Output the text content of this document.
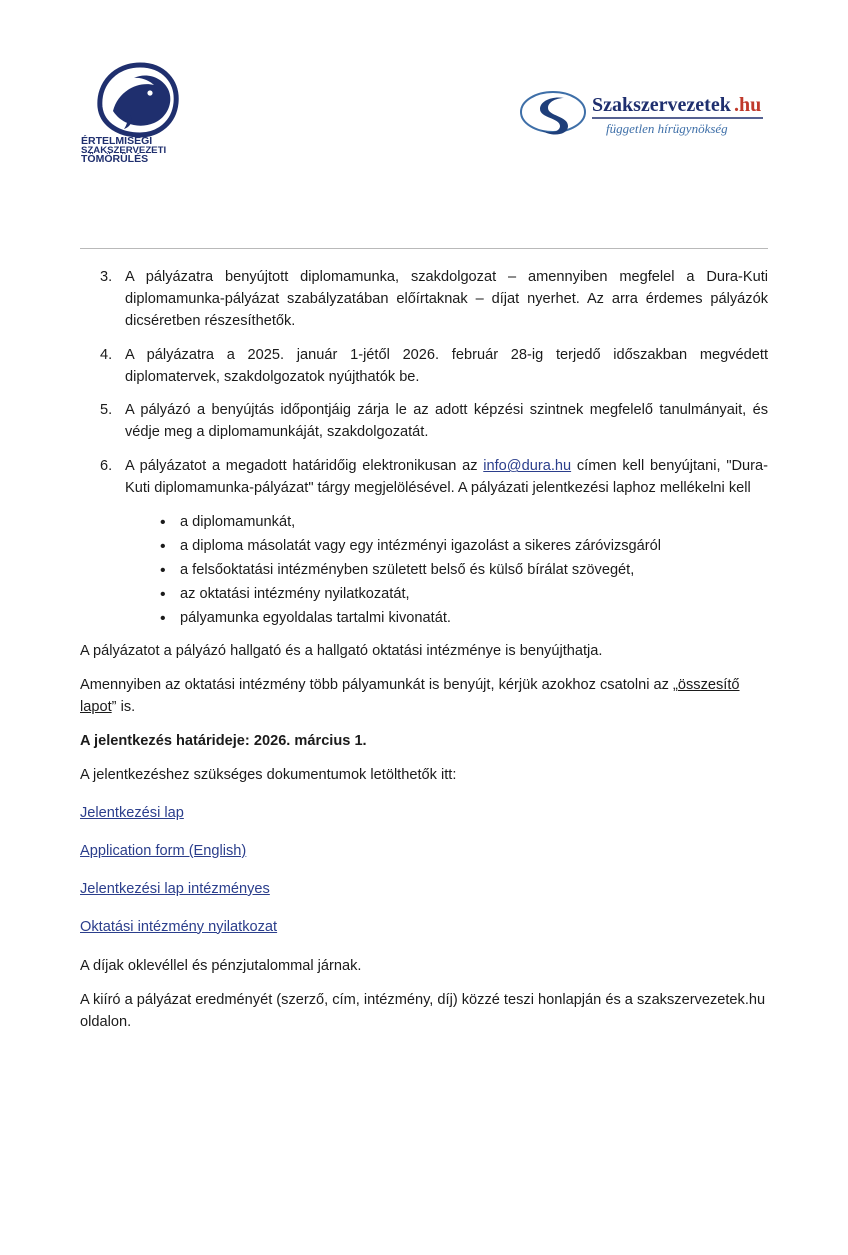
ÉRTELMISÉGI
SZAKSZERVEZETI
TÖMÖRÜLÉS
Szakszervezetek .hu
független hírügynökség
3. A pályázatra benyújtott diplomamunka, szakdolgozat – amennyiben megfelel a Dura-Kuti diplomamunka-pályázat szabályzatában előírtaknak – díjat nyerhet. Az arra érdemes pályázók dicséretben részesíthetők.
4. A pályázatra a 2025. január 1-jétől 2026. február 28-ig terjedő időszakban megvédett diplomatervek, szakdolgozatok nyújthatók be.
5. A pályázó a benyújtás időpontjáig zárja le az adott képzési szintnek megfelelő tanulmányait, és védje meg a diplomamunkáját, szakdolgozatát.
6. A pályázatot a megadott határidőig elektronikusan az info@dura.hu címen kell benyújtani, "Dura-Kuti diplomamunka-pályázat" tárgy megjelölésével. A pályázati jelentkezési laphoz mellékelni kell
• a diplomamunkát,
• a diploma másolatát vagy egy intézményi igazolást a sikeres záróvizsgáról
• a felsőoktatási intézményben született belső és külső bírálat szövegét,
• az oktatási intézmény nyilatkozatát,
• pályamunka egyoldalas tartalmi kivonatát.

A pályázatot a pályázó hallgató és a hallgató oktatási intézménye is benyújthatja.

Amennyiben az oktatási intézmény több pályamunkát is benyújt, kérjük azokhoz csatolni az „összesítő lapot” is.

A jelentkezés határideje: 2026. március 1.

A jelentkezéshez szükséges dokumentumok letölthetők itt:

Jelentkezési lap
Application form (English)
Jelentkezési lap intézményes
Oktatási intézmény nyilatkozat

A díjak oklevéllel és pénzjutalommal járnak.

A kiíró a pályázat eredményét (szerző, cím, intézmény, díj) közzé teszi honlapján és a szakszervezetek.hu oldalon.
